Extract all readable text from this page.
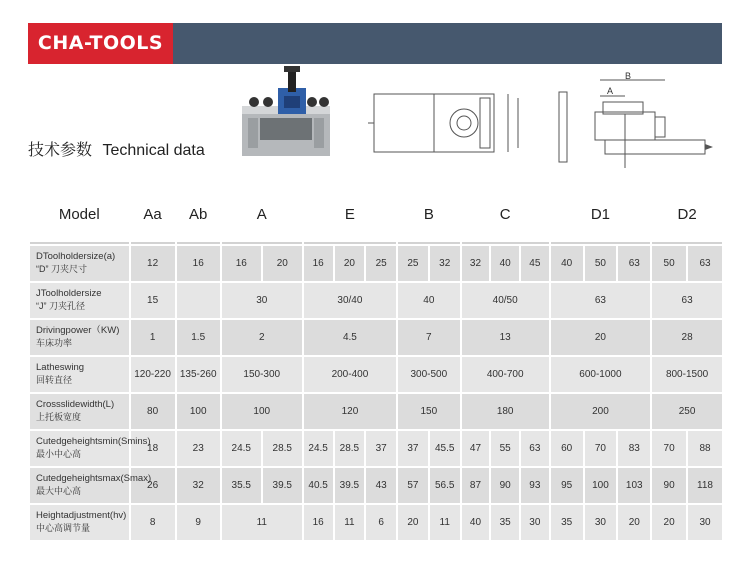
CHA-TOOLS
技术参数 Technical data
B
A
Model	Aa	Ab	A		E			B		C			D1			D2	
DToolholdersize(a)
“D” 刀夹尺寸	12	16	16	20	16	20	25	25	32	32	40	45	40	50	63	50	63
JToolholdersize
“J” 刀夹孔径	15		30		30/40			40		40/50			63			63	
Drivingpower（KW)
车床功率	1	1.5	2		4.5			7		13			20			28	
Latheswing
回转直径	120-220	135-260	150-300		200-400			300-500		400-700			600-1000			800-1500	
Crossslidewidth(L)
上托板宽度	80	100	100		120			150		180			200			250	
Cutedgeheightsmin(Smins)
最小中心高	18	23	24.5	28.5	24.5	28.5	37	37	45.5	47	55	63	60	70	83	70	88
Cutedgeheightsmax(Smax)
最大中心高	26	32	35.5	39.5	40.5	39.5	43	57	56.5	87	90	93	95	100	103	90	118
Heightadjustment(hv)
中心高调节量	8	9	11		16	11	6	20	11	40	35	30	35	30	20	20	30
